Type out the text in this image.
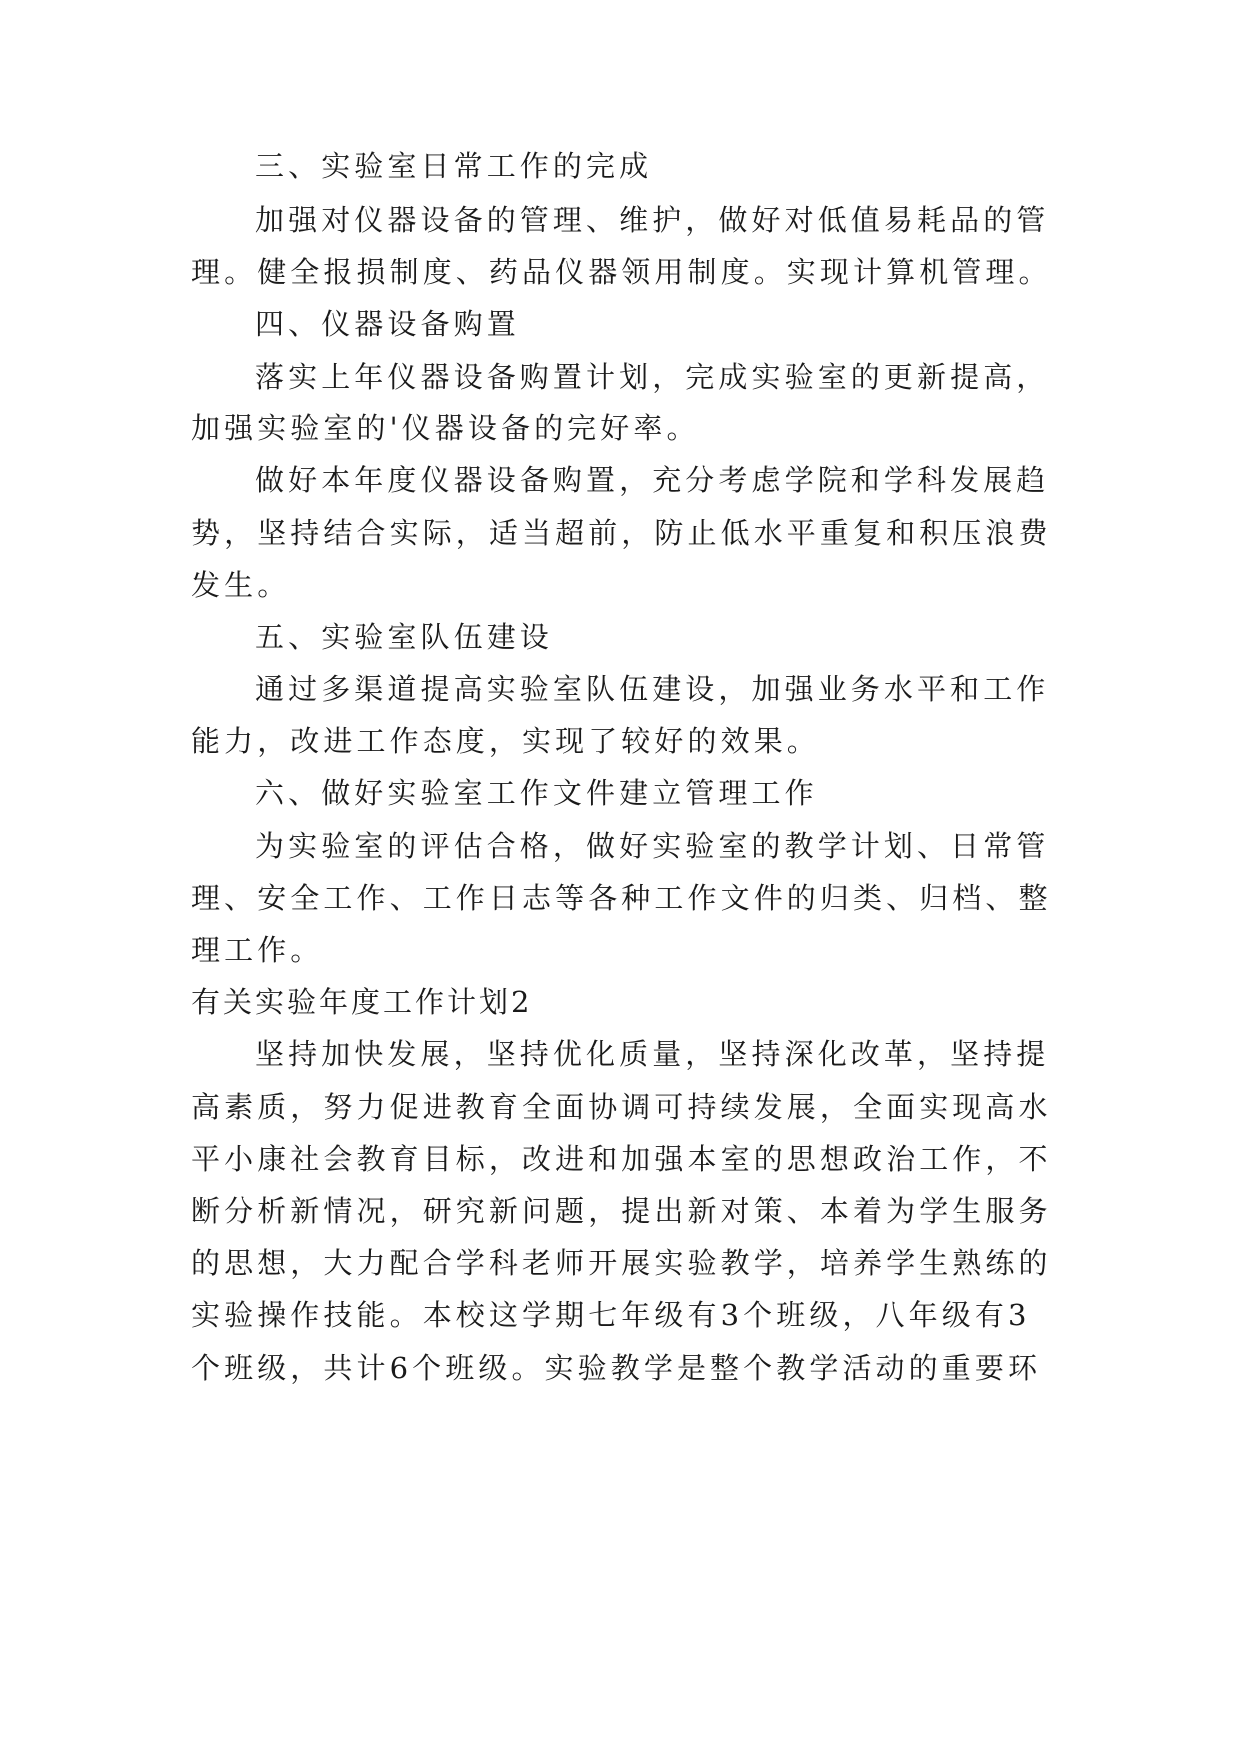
三、实验室日常工作的完成
加强对仪器设备的管理、维护，做好对低值易耗品的管
理。健全报损制度、药品仪器领用制度。实现计算机管理。
四、仪器设备购置
落实上年仪器设备购置计划，完成实验室的更新提高，
加强实验室的'仪器设备的完好率。
做好本年度仪器设备购置，充分考虑学院和学科发展趋
势，坚持结合实际，适当超前，防止低水平重复和积压浪费
发生。
五、实验室队伍建设
通过多渠道提高实验室队伍建设，加强业务水平和工作
能力，改进工作态度，实现了较好的效果。
六、做好实验室工作文件建立管理工作
为实验室的评估合格，做好实验室的教学计划、日常管
理、安全工作、工作日志等各种工作文件的归类、归档、整
理工作。
有关实验年度工作计划2
坚持加快发展，坚持优化质量，坚持深化改革，坚持提
高素质，努力促进教育全面协调可持续发展，全面实现高水
平小康社会教育目标，改进和加强本室的思想政治工作，不
断分析新情况，研究新问题，提出新对策、本着为学生服务
的思想，大力配合学科老师开展实验教学，培养学生熟练的
实验操作技能。本校这学期七年级有3个班级，八年级有3
个班级，共计6个班级。实验教学是整个教学活动的重要环
